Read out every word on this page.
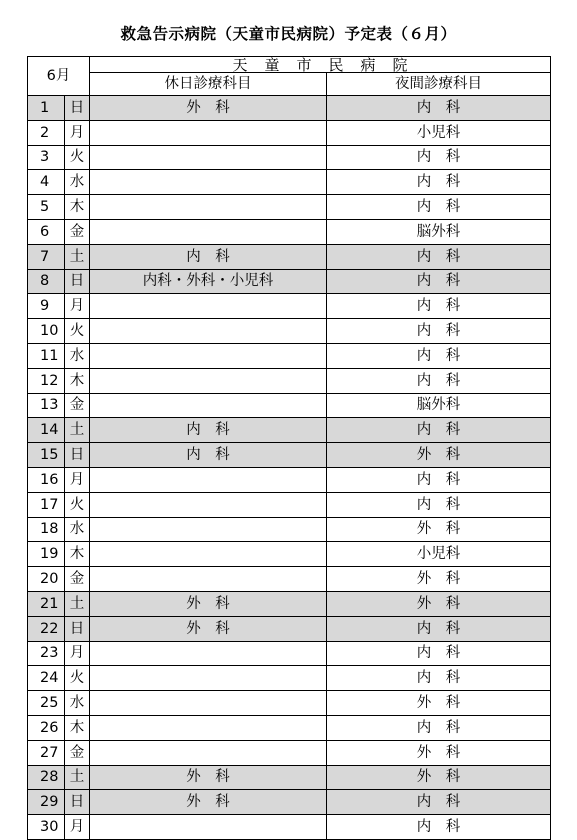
救急告示病院（天童市民病院）予定表（６月）
6月		天童市民病院	
		休日診療科目	夜間診療科目
1	日	外　科	内　科
2	月		小児科
3	火		内　科
4	水		内　科
5	木		内　科
6	金		脳外科
7	土	内　科	内　科
8	日	内科・外科・小児科	内　科
9	月		内　科
10	火		内　科
11	水		内　科
12	木		内　科
13	金		脳外科
14	土	内　科	内　科
15	日	内　科	外　科
16	月		内　科
17	火		内　科
18	水		外　科
19	木		小児科
20	金		外　科
21	土	外　科	外　科
22	日	外　科	内　科
23	月		内　科
24	火		内　科
25	水		外　科
26	木		内　科
27	金		外　科
28	土	外　科	外　科
29	日	外　科	内　科
30	月		内　科
